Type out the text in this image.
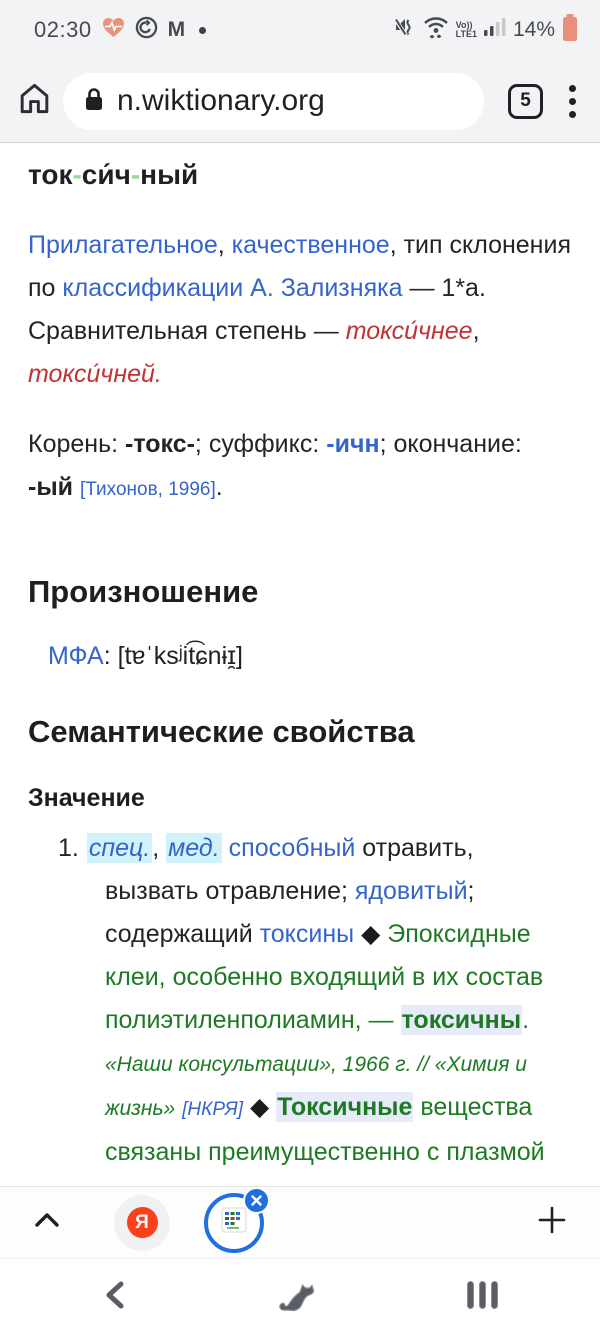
02:30	M	Vo))
LTE1 14%
n.wiktionary.org	5
ток-си́ч-ный

Прилагательное, качественное, тип склонения по классификации А. Зализняка — 1*a. Сравнительная степень — токси́чнее, токси́чней.

Корень: -токс-; суффикс: -ичн; окончание: -ый [Тихонов, 1996].

Произношение

МФА: [tɐˈksʲit͡ɕnɨɪ̯]

Семантические свойства
Значение
1. спец., мед. способный отравить, вызвать отравление; ядовитый; содержащий токсины ◆ Эпоксидные клеи, особенно входящий в их состав полиэтиленполиамин, — токсичны. «Наши консультации», 1966 г. // «Химия и жизнь» [НКРЯ] ◆ Токсичные вещества связаны преимущественно с плазмой
Я
